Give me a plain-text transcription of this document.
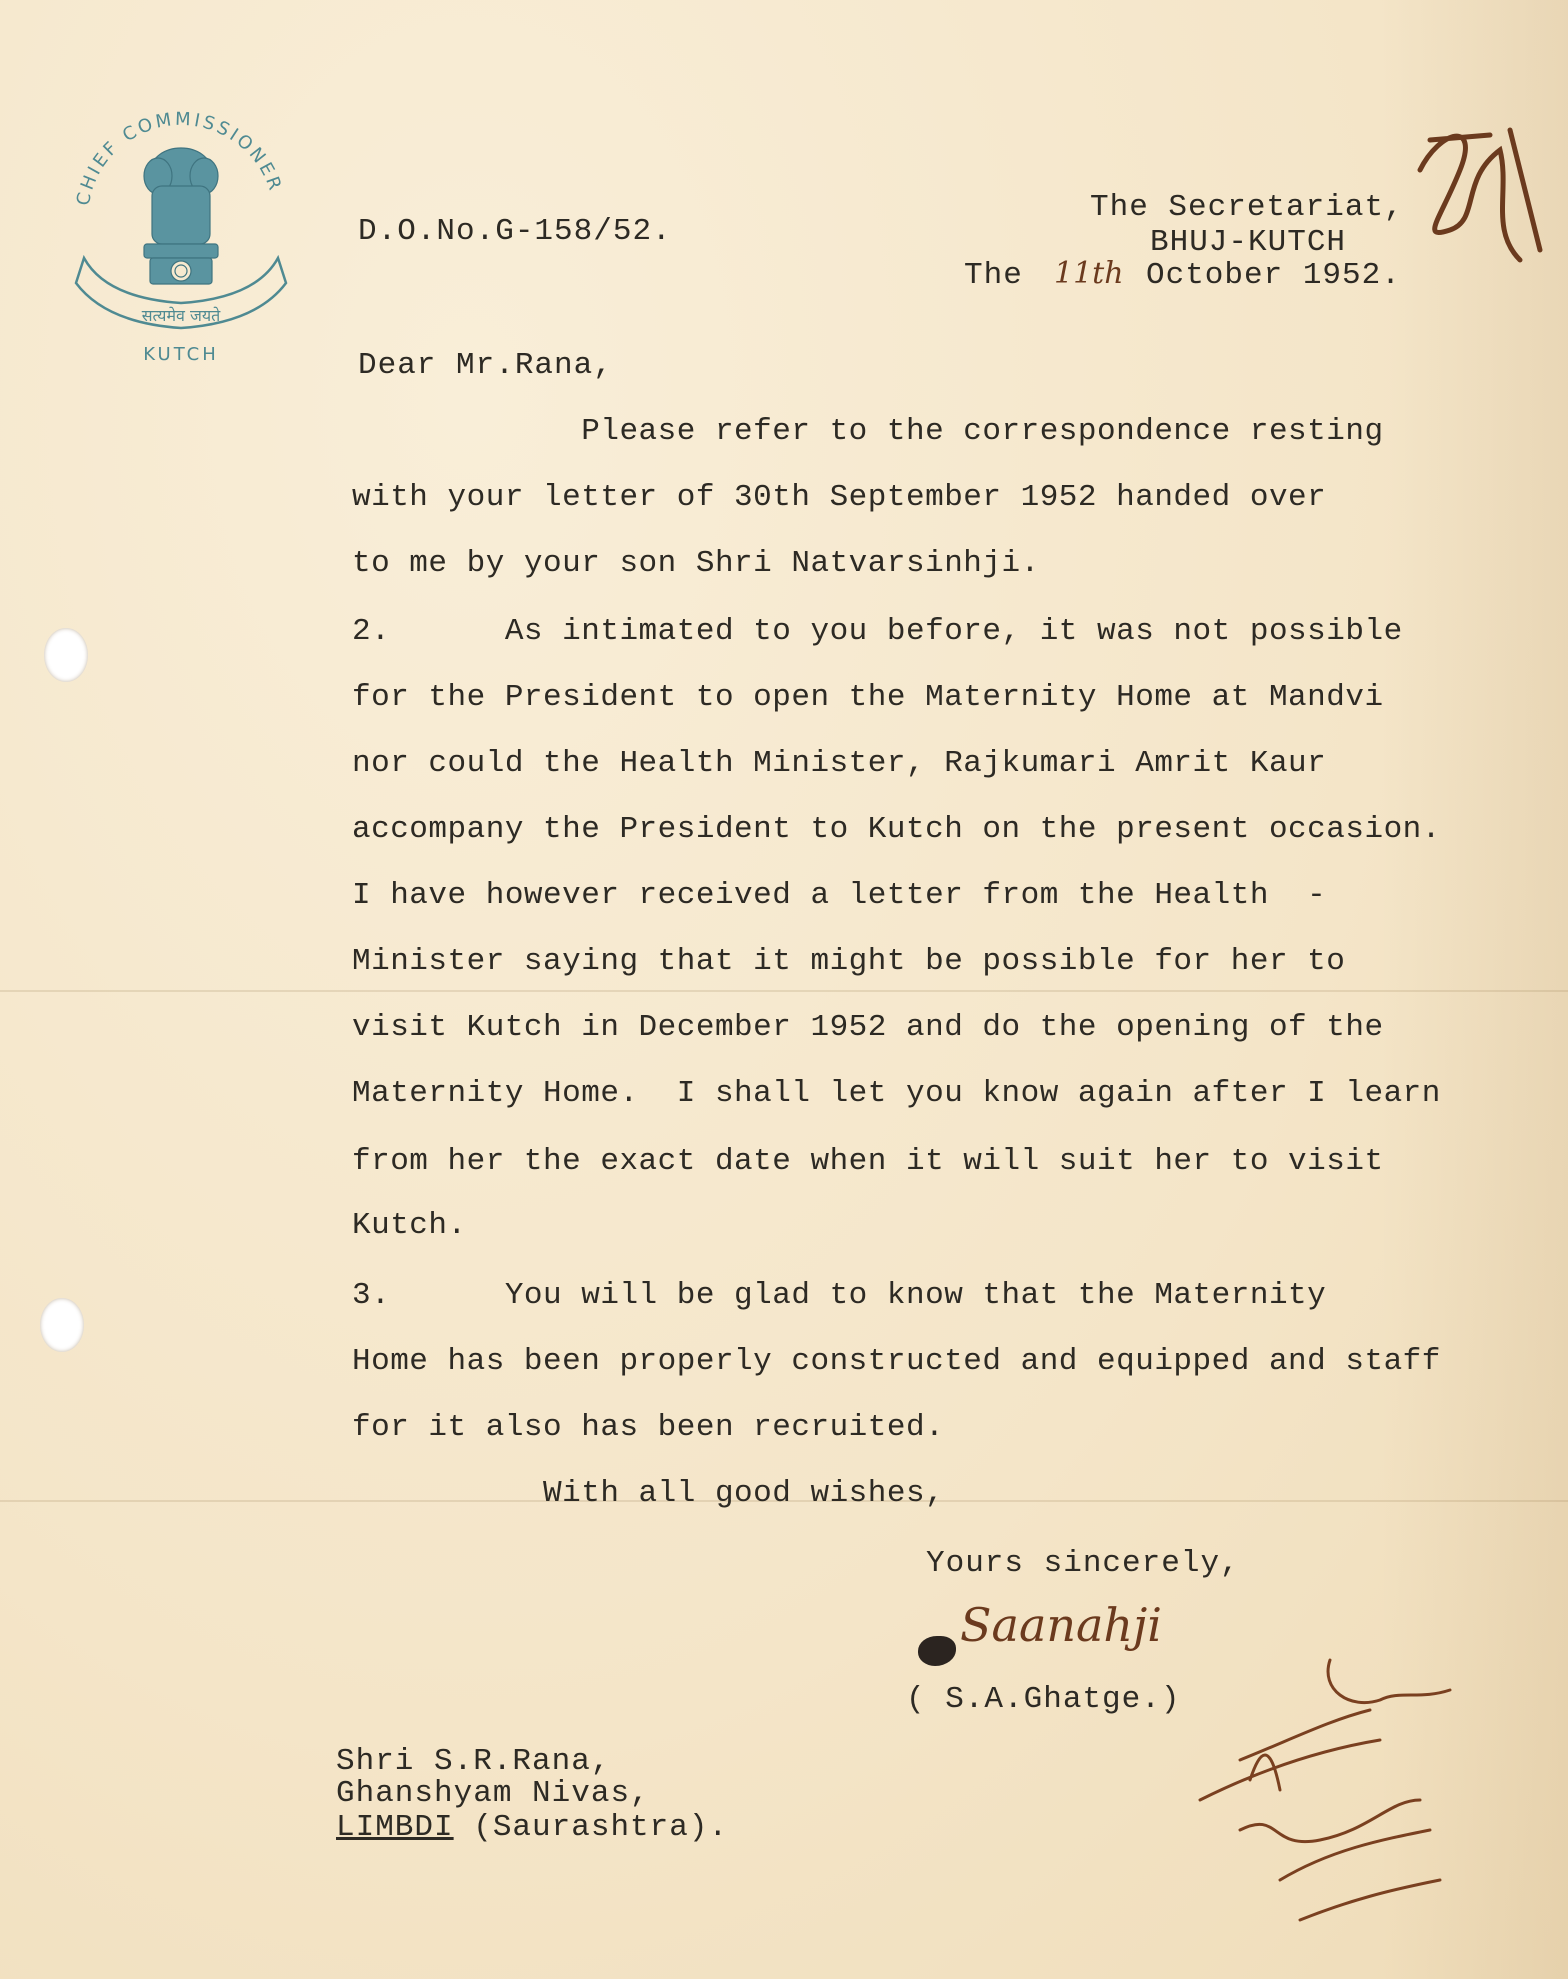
CHIEF COMMISSIONER
सत्यमेव जयते
KUTCH
D.O.No.G-158/52.
The Secretariat,
BHUJ-KUTCH
The 11th October 1952.
Dear Mr.Rana,
Please refer to the correspondence resting
with your letter of 30th September 1952 handed over
to me by your son Shri Natvarsinhji.
2.      As intimated to you before, it was not possible
for the President to open the Maternity Home at Mandvi
nor could the Health Minister, Rajkumari Amrit Kaur
accompany the President to Kutch on the present occasion.
I have however received a letter from the Health  -
Minister saying that it might be possible for her to
visit Kutch in December 1952 and do the opening of the
Maternity Home.  I shall let you know again after I learn
from her the exact date when it will suit her to visit
Kutch.
3.      You will be glad to know that the Maternity
Home has been properly constructed and equipped and staff
for it also has been recruited.
With all good wishes,
Yours sincerely,
Saanahji
( S.A.Ghatge.)
Shri S.R.Rana,
Ghanshyam Nivas,
LIMBDI (Saurashtra).
